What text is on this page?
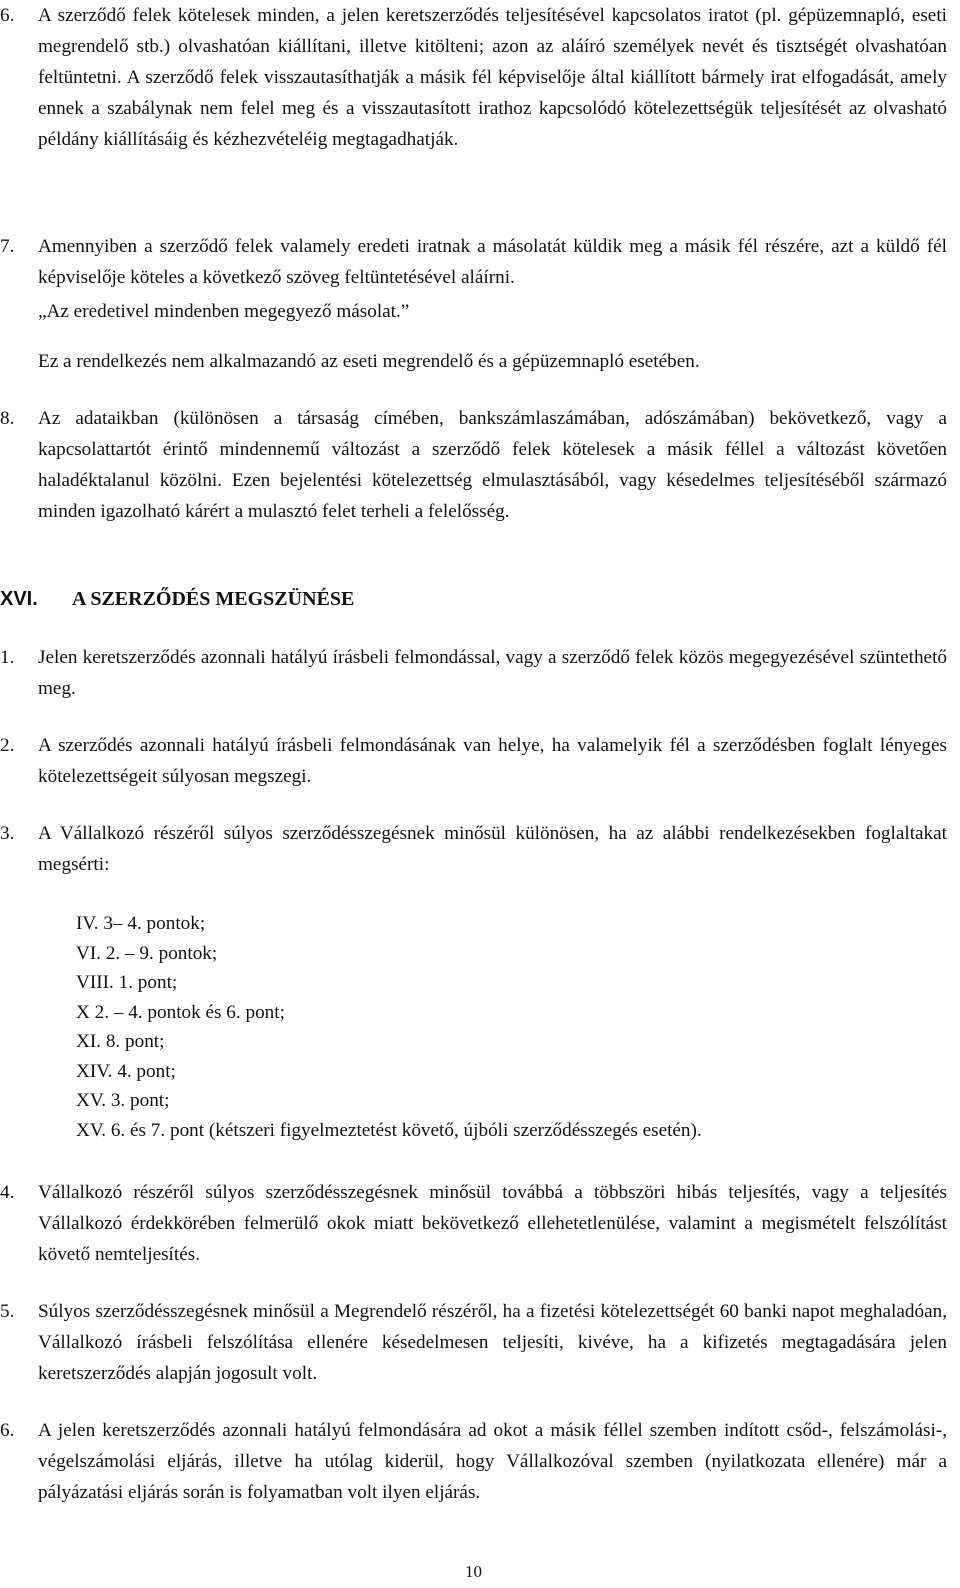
6. A szerződő felek kötelesek minden, a jelen keretszerződés teljesítésével kapcsolatos iratot (pl. gépüzemnapló, eseti megrendelő stb.) olvashatóan kiállítani, illetve kitölteni; azon az aláíró személyek nevét és tisztségét olvashatóan feltüntetni. A szerződő felek visszautasíthatják a másik fél képviselője által kiállított bármely irat elfogadását, amely ennek a szabálynak nem felel meg és a visszautasított irathoz kapcsolódó kötelezettségük teljesítését az olvasható példány kiállításáig és kézhezvételéig megtagadhatják.
7. Amennyiben a szerződő felek valamely eredeti iratnak a másolatát küldik meg a másik fél részére, azt a küldő fél képviselője köteles a következő szöveg feltüntetésével aláírni.
„Az eredetivel mindenben megegyező másolat.”
Ez a rendelkezés nem alkalmazandó az eseti megrendelő és a gépüzemnapló esetében.
8. Az adataikban (különösen a társaság címében, bankszámlaszámában, adószámában) bekövetkező, vagy a kapcsolattartót érintő mindennemű változást a szerződő felek kötelesek a másik féllel a változást követően haladéktalanul közölni. Ezen bejelentési kötelezettség elmulasztásából, vagy késedelmes teljesítéséből származó minden igazolható kárért a mulasztó felet terheli a felelősség.
XVI. A SZERZŐDÉS MEGSZÜNÉSE
1. Jelen keretszerződés azonnali hatályú írásbeli felmondással, vagy a szerződő felek közös megegyezésével szüntethető meg.
2. A szerződés azonnali hatályú írásbeli felmondásának van helye, ha valamelyik fél a szerződésben foglalt lényeges kötelezettségeit súlyosan megszegi.
3. A Vállalkozó részéről súlyos szerződésszegésnek minősül különösen, ha az alábbi rendelkezésekben foglaltakat megsérti:
IV. 3– 4. pontok;
VI. 2. – 9. pontok;
VIII. 1. pont;
X 2. – 4. pontok és 6. pont;
XI. 8. pont;
XIV. 4. pont;
XV. 3. pont;
XV. 6. és 7. pont (kétszeri figyelmeztetést követő, újbóli szerződésszegés esetén).
4. Vállalkozó részéről súlyos szerződésszegésnek minősül továbbá a többszöri hibás teljesítés, vagy a teljesítés Vállalkozó érdekkörében felmerülő okok miatt bekövetkező ellehetetlenülése, valamint a megismételt felszólítást követő nemteljesítés.
5. Súlyos szerződésszegésnek minősül a Megrendelő részéről, ha a fizetési kötelezettségét 60 banki napot meghaladóan, Vállalkozó írásbeli felszólítása ellenére késedelmesen teljesíti, kivéve, ha a kifizetés megtagadására jelen keretszerződés alapján jogosult volt.
6. A jelen keretszerződés azonnali hatályú felmondására ad okot a másik féllel szemben indított csőd-, felszámolási-, végelszámolási eljárás, illetve ha utólag kiderül, hogy Vállalkozóval szemben (nyilatkozata ellenére) már a pályázatási eljárás során is folyamatban volt ilyen eljárás.
10
